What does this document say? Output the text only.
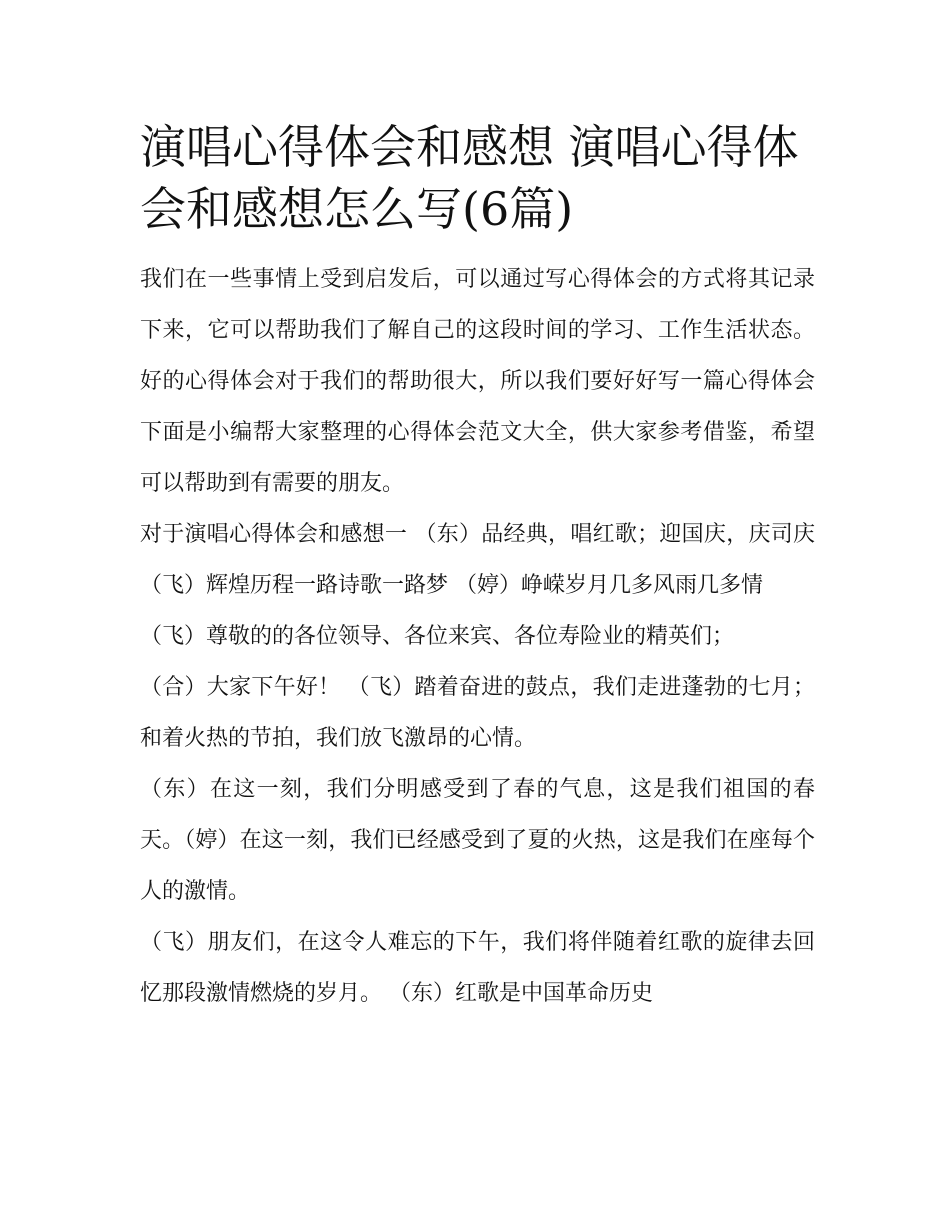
演唱心得体会和感想 演唱心得体会和感想怎么写(6篇)

我们在一些事情上受到启发后，可以通过写心得体会的方式将其记录下来，它可以帮助我们了解自己的这段时间的学习、工作生活状态。好的心得体会对于我们的帮助很大，所以我们要好好写一篇心得体会下面是小编帮大家整理的心得体会范文大全，供大家参考借鉴，希望可以帮助到有需要的朋友。

对于演唱心得体会和感想一 （东）品经典，唱红歌；迎国庆，庆司庆 （飞）辉煌历程一路诗歌一路梦 （婷）峥嵘岁月几多风雨几多情

（飞）尊敬的的各位领导、各位来宾、各位寿险业的精英们；

（合）大家下午好！ （飞）踏着奋进的鼓点，我们走进蓬勃的七月；和着火热的节拍，我们放飞激昂的心情。

（东）在这一刻，我们分明感受到了春的气息，这是我们祖国的春天。（婷）在这一刻，我们已经感受到了夏的火热，这是我们在座每个人的激情。

（飞）朋友们，在这令人难忘的下午，我们将伴随着红歌的旋律去回忆那段激情燃烧的岁月。 （东）红歌是中国革命历史
